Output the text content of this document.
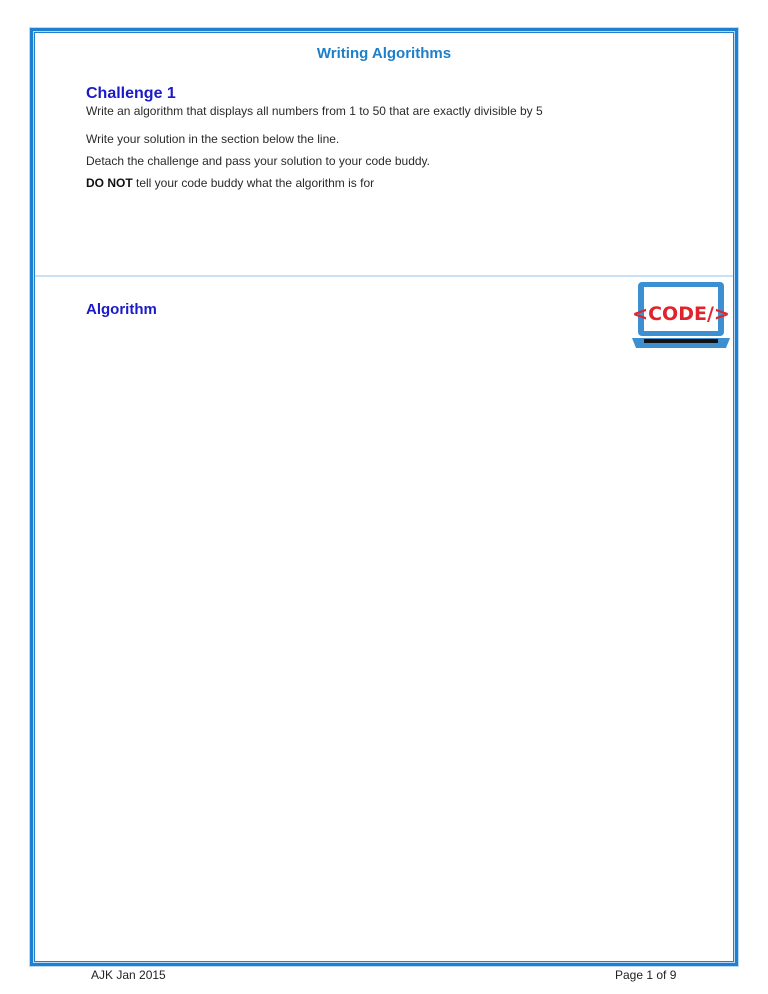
Writing Algorithms
Challenge 1
Write an algorithm that displays all numbers from 1 to 50 that are exactly divisible by 5
Write your solution in the section below the line.
Detach the challenge and pass your solution to your code buddy.
DO NOT tell your code buddy what the algorithm is for
Algorithm	<CODE/>
AJK Jan 2015	Page 1 of 9
